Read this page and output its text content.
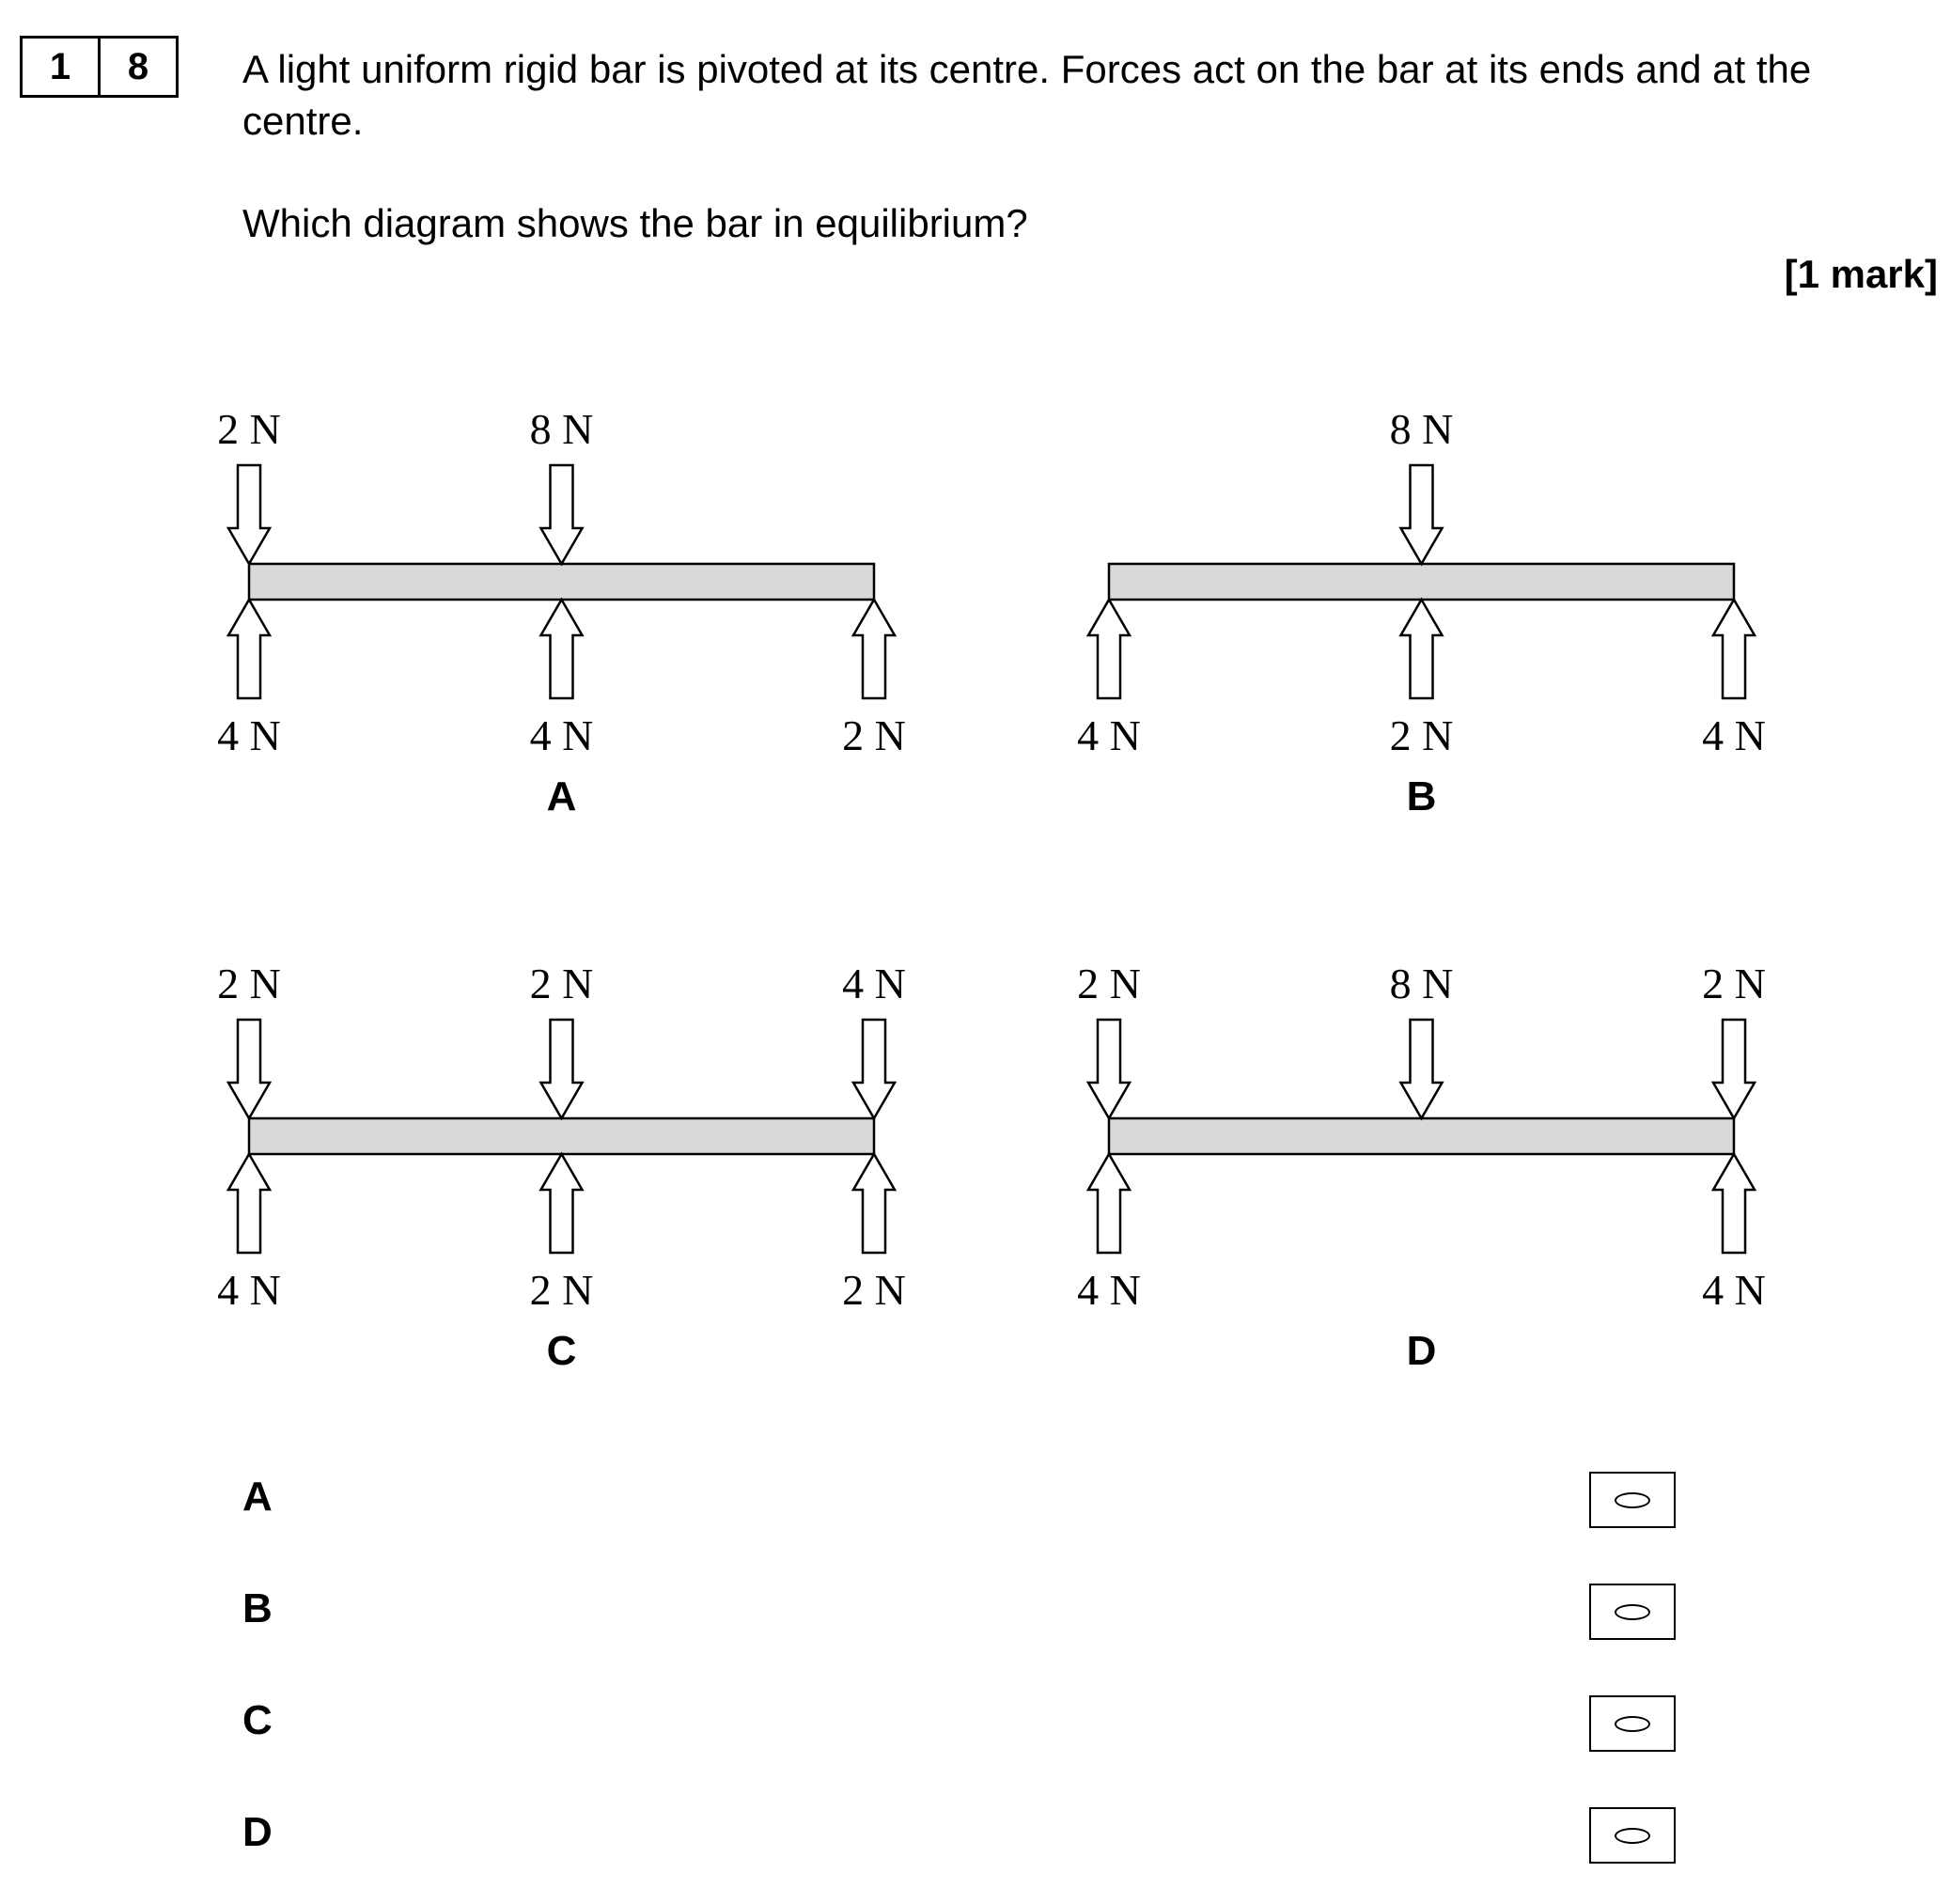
1	8	A light uniform rigid bar is pivoted at its centre. Forces act on the bar at its ends and at the centre.
Which diagram shows the bar in equilibrium?
[1 mark]
2 N
4 N
8 N
4 N	2 N
A
4 N
8 N
2 N	4 N
B
2 N
4 N
2 N
2 N
4 N
2 N
C
2 N
4 N
8 N	2 N
4 N
D
A
B
C
D
